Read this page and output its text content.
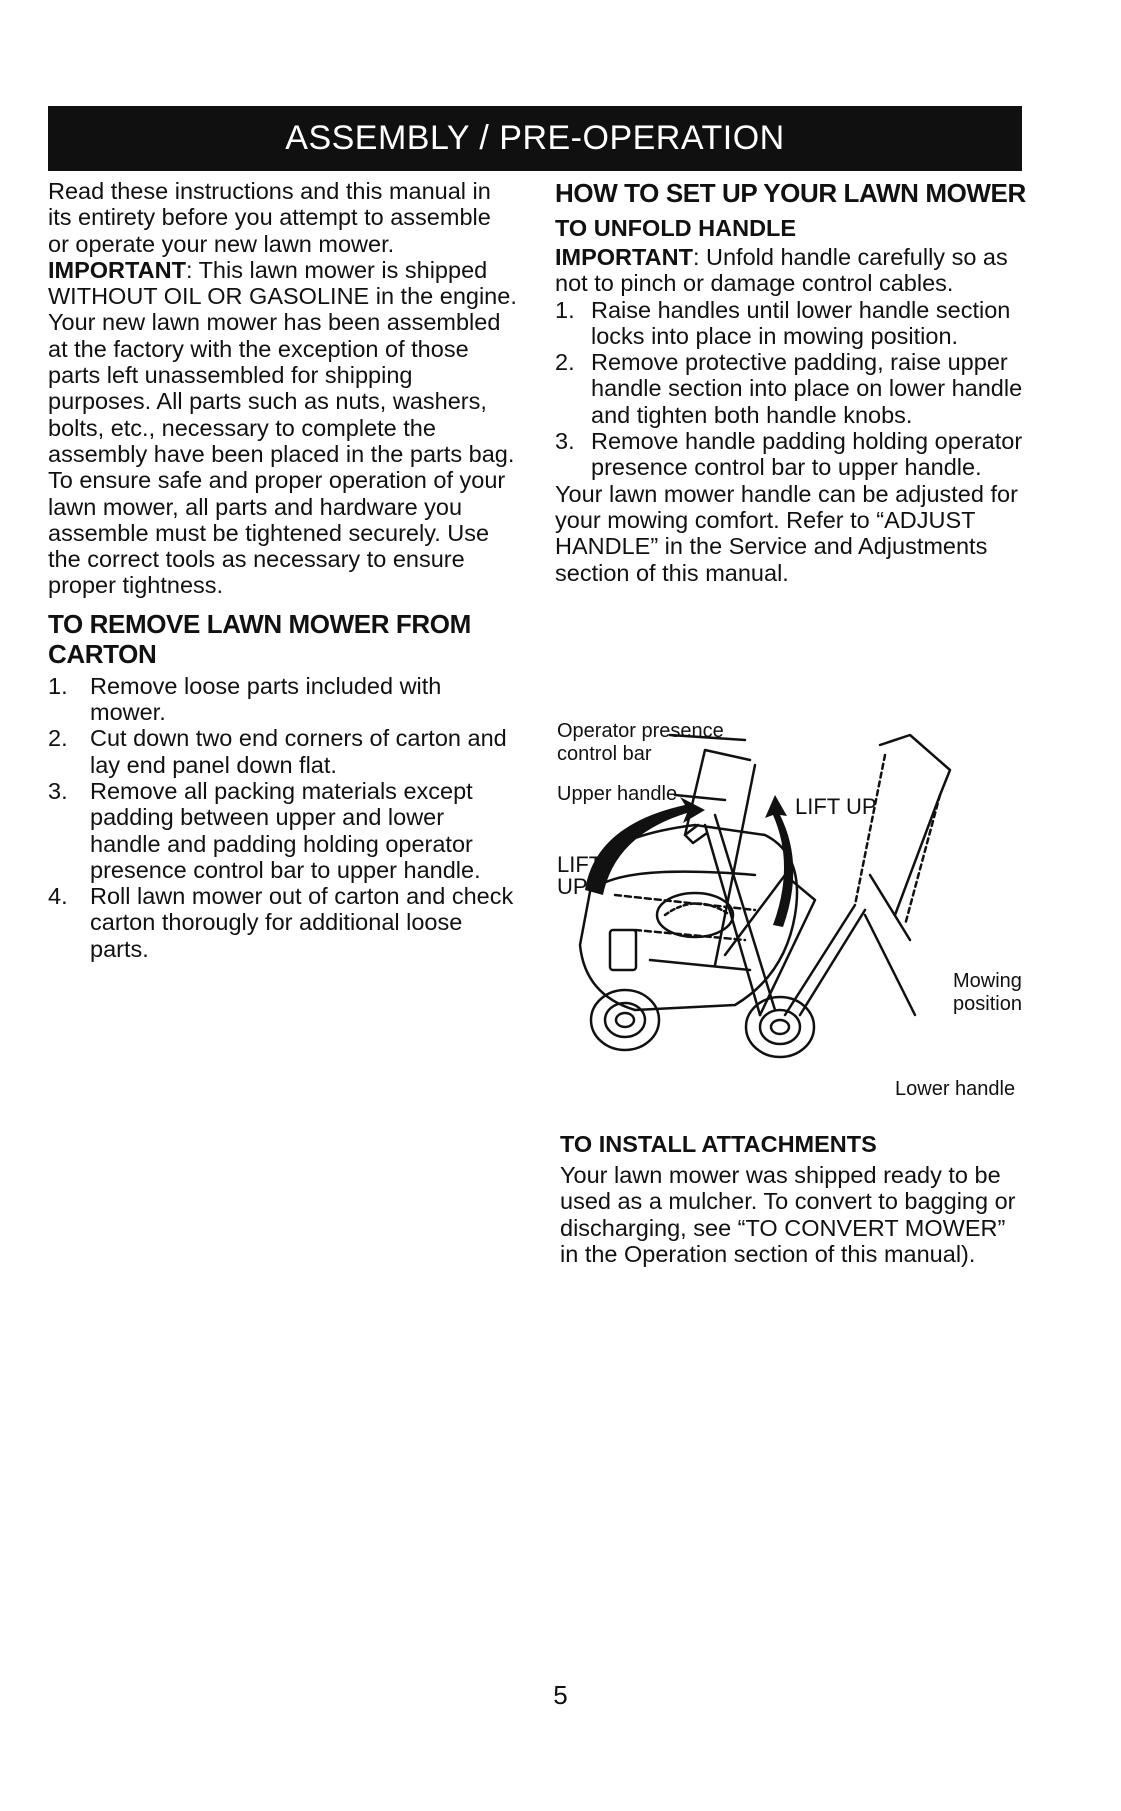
ASSEMBLY / PRE-OPERATION

Read these instructions and this manual in its entirety before you attempt to assemble or operate your new lawn mower.

IMPORTANT: This lawn mower is shipped WITHOUT OIL OR GASOLINE in the engine.

Your new lawn mower has been assembled at the factory with the exception of those parts left unassembled for shipping purposes. All parts such as nuts, washers, bolts, etc., necessary to complete the assembly have been placed in the parts bag. To ensure safe and proper operation of your lawn mower, all parts and hardware you assemble must be tightened securely. Use the correct tools as necessary to ensure proper tightness.

TO REMOVE LAWN MOWER FROM CARTON
1. Remove loose parts included with mower.
2. Cut down two end corners of carton and lay end panel down flat.
3. Remove all packing materials except padding between upper and lower handle and padding holding operator presence control bar to upper handle.
4. Roll lawn mower out of carton and check carton thorougly for additional loose parts.
HOW TO SET UP YOUR LAWN MOWER
TO UNFOLD HANDLE

IMPORTANT: Unfold handle carefully so as not to pinch or damage control cables.

1. Raise handles until lower handle section locks into place in mowing position.
2. Remove protective padding, raise upper handle section into place on lower handle and tighten both handle knobs.
3. Remove handle padding holding operator presence control bar to upper handle.

Your lawn mower handle can be adjusted for your mowing comfort. Refer to “ADJUST HANDLE” in the Service and Adjustments section of this manual.

Operator presence
control bar
Upper handle	LIFT UP
LIFT
UP
Mowing
position
Lower handle
TO INSTALL ATTACHMENTS

Your lawn mower was shipped ready to be used as a mulcher. To convert to bagging or discharging, see “TO CONVERT MOWER” in the Operation section of this manual).

5
